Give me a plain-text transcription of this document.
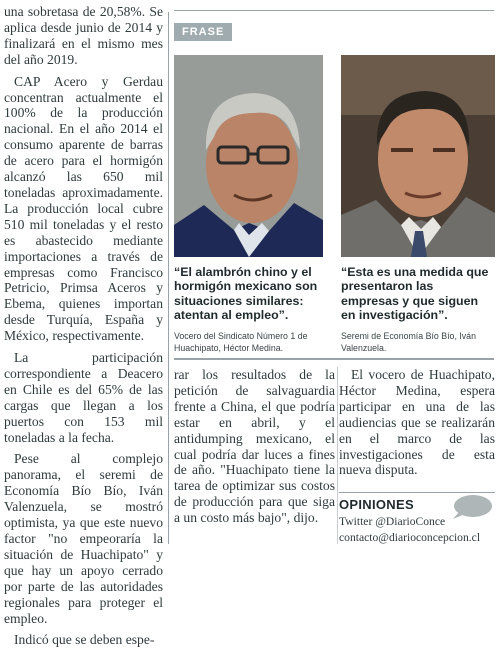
una sobretasa de 20,58%. Se aplica desde junio de 2014 y finalizará en el mismo mes del año 2019.

CAP Acero y Gerdau concentran actualmente el 100% de la producción nacional. En el año 2014 el consumo aparente de barras de acero para el hormigón alcanzó las 650 mil toneladas aproximadamente. La producción local cubre 510 mil toneladas y el resto es abastecido mediante importaciones a través de empresas como Francisco Petricio, Primsa Aceros y Ebema, quienes importan desde Turquía, España y México, respectivamente.

La participación correspondiente a Deacero en Chile es del 65% de las cargas que llegan a los puertos con 153 mil toneladas a la fecha.

Pese al complejo panorama, el seremi de Economía Bío Bío, Iván Valenzuela, se mostró optimista, ya que este nuevo factor "no empeoraría la situación de Huachipato" y que hay un apoyo cerrado por parte de las autoridades regionales para proteger el empleo.

Indicó que se deben espe-

FRASE
“El alambrón chino y el hormigón mexicano son situaciones similares: atentan al empleo”.
“Esta es una medida que presentaron las empresas y que siguen en investigación”.
Vocero del Sindicato Número 1 de Huachipato, Héctor Medina.
Seremi de Economía Bío Bío, Iván Valenzuela.

rar los resultados de la petición de salvaguardia frente a China, el que podría estar en abril, y el antidumping mexicano, el cual podría dar luces a fines de año. "Huachipato tiene la tarea de optimizar sus costos de producción para que siga a un costo más bajo", dijo.

El vocero de Huachipato, Héctor Medina, espera participar en una de las audiencias que se realizarán en el marco de las investigaciones de esta nueva disputa.

OPINIONES
Twitter @DiarioConce
contacto@diarioconcepcion.cl
